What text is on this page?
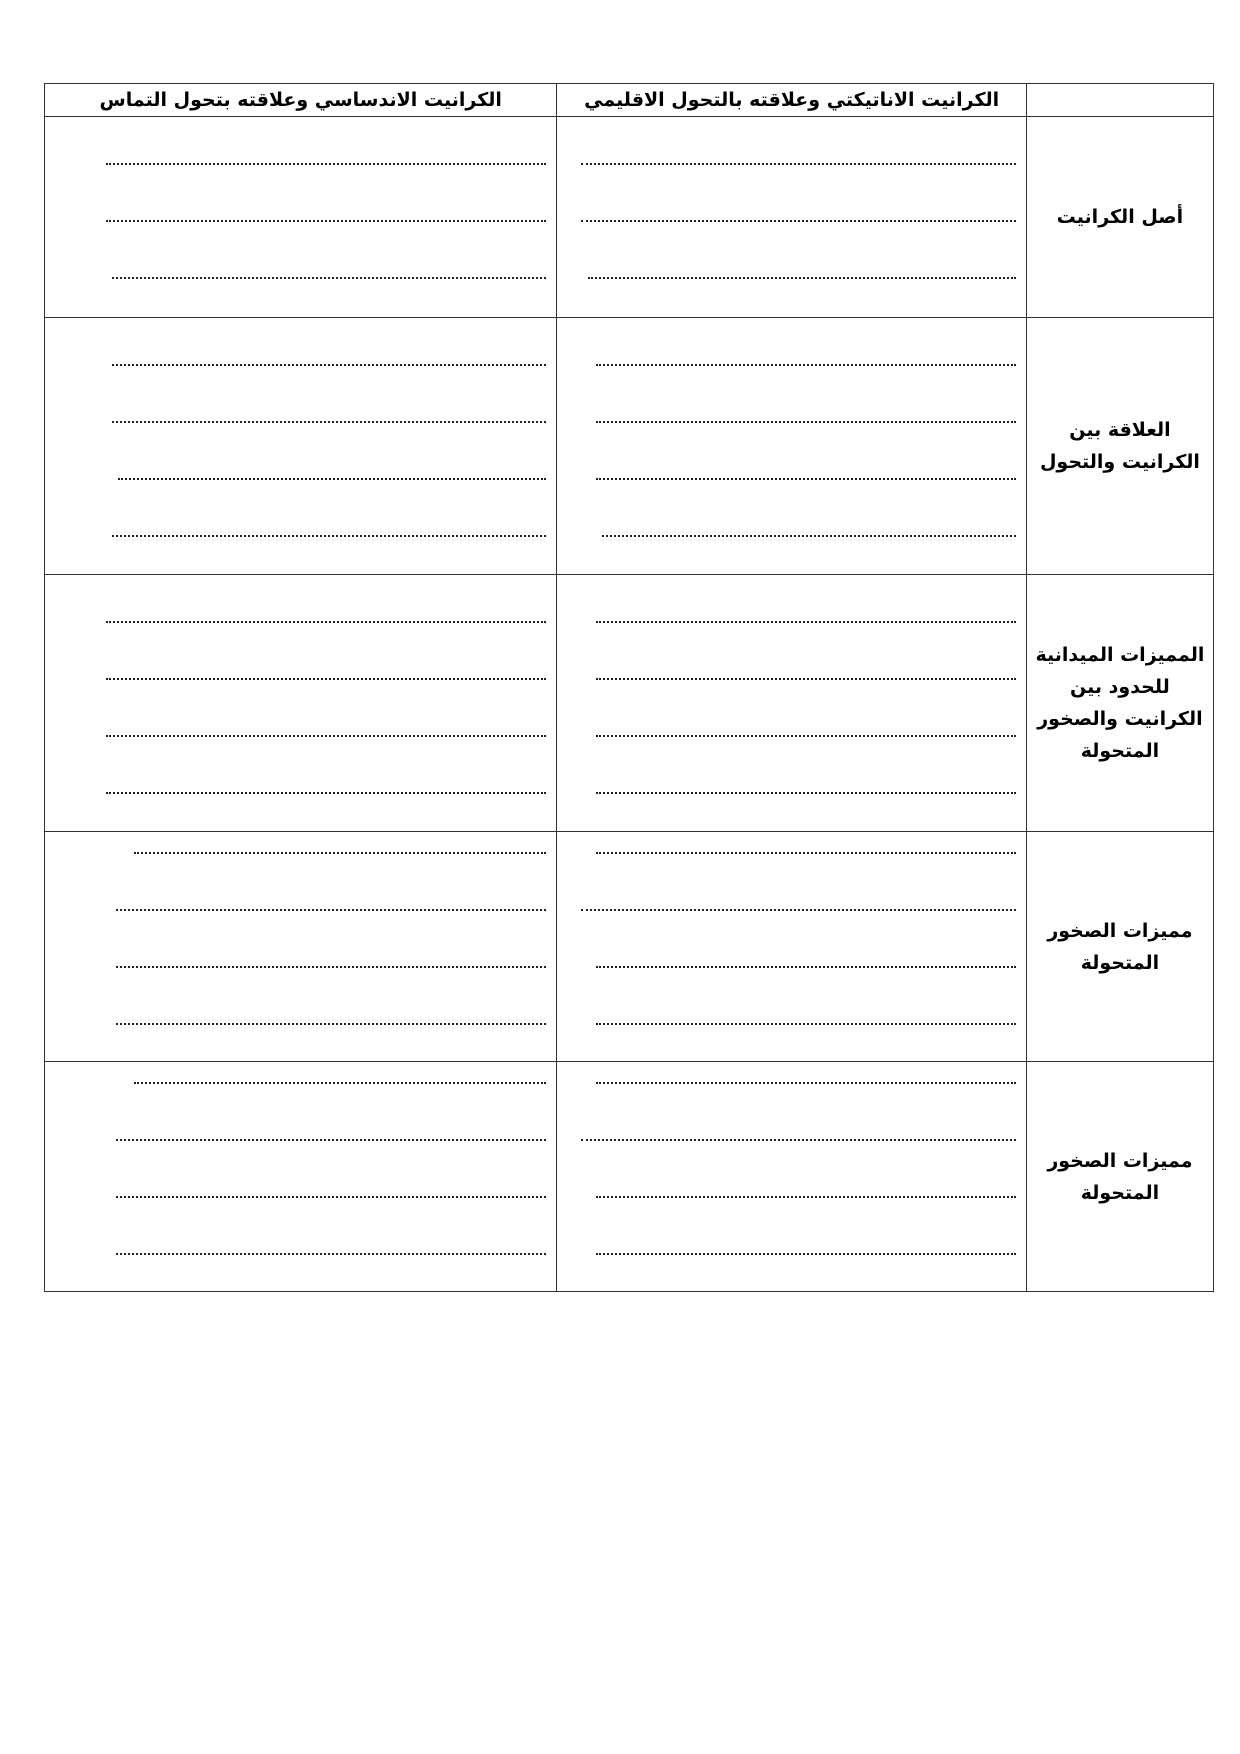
	الكرانيت الاناتيكتي وعلاقته بالتحول الاقليمي	الكرانيت الاندساسي وعلاقته بتحول التماس
أصل الكرانيت	

العلاقة بين الكرانيت والتحول	

المميزات الميدانية للحدود بين الكرانيت والصخور المتحولة	

مميزات الصخور المتحولة	

مميزات الصخور المتحولة	
